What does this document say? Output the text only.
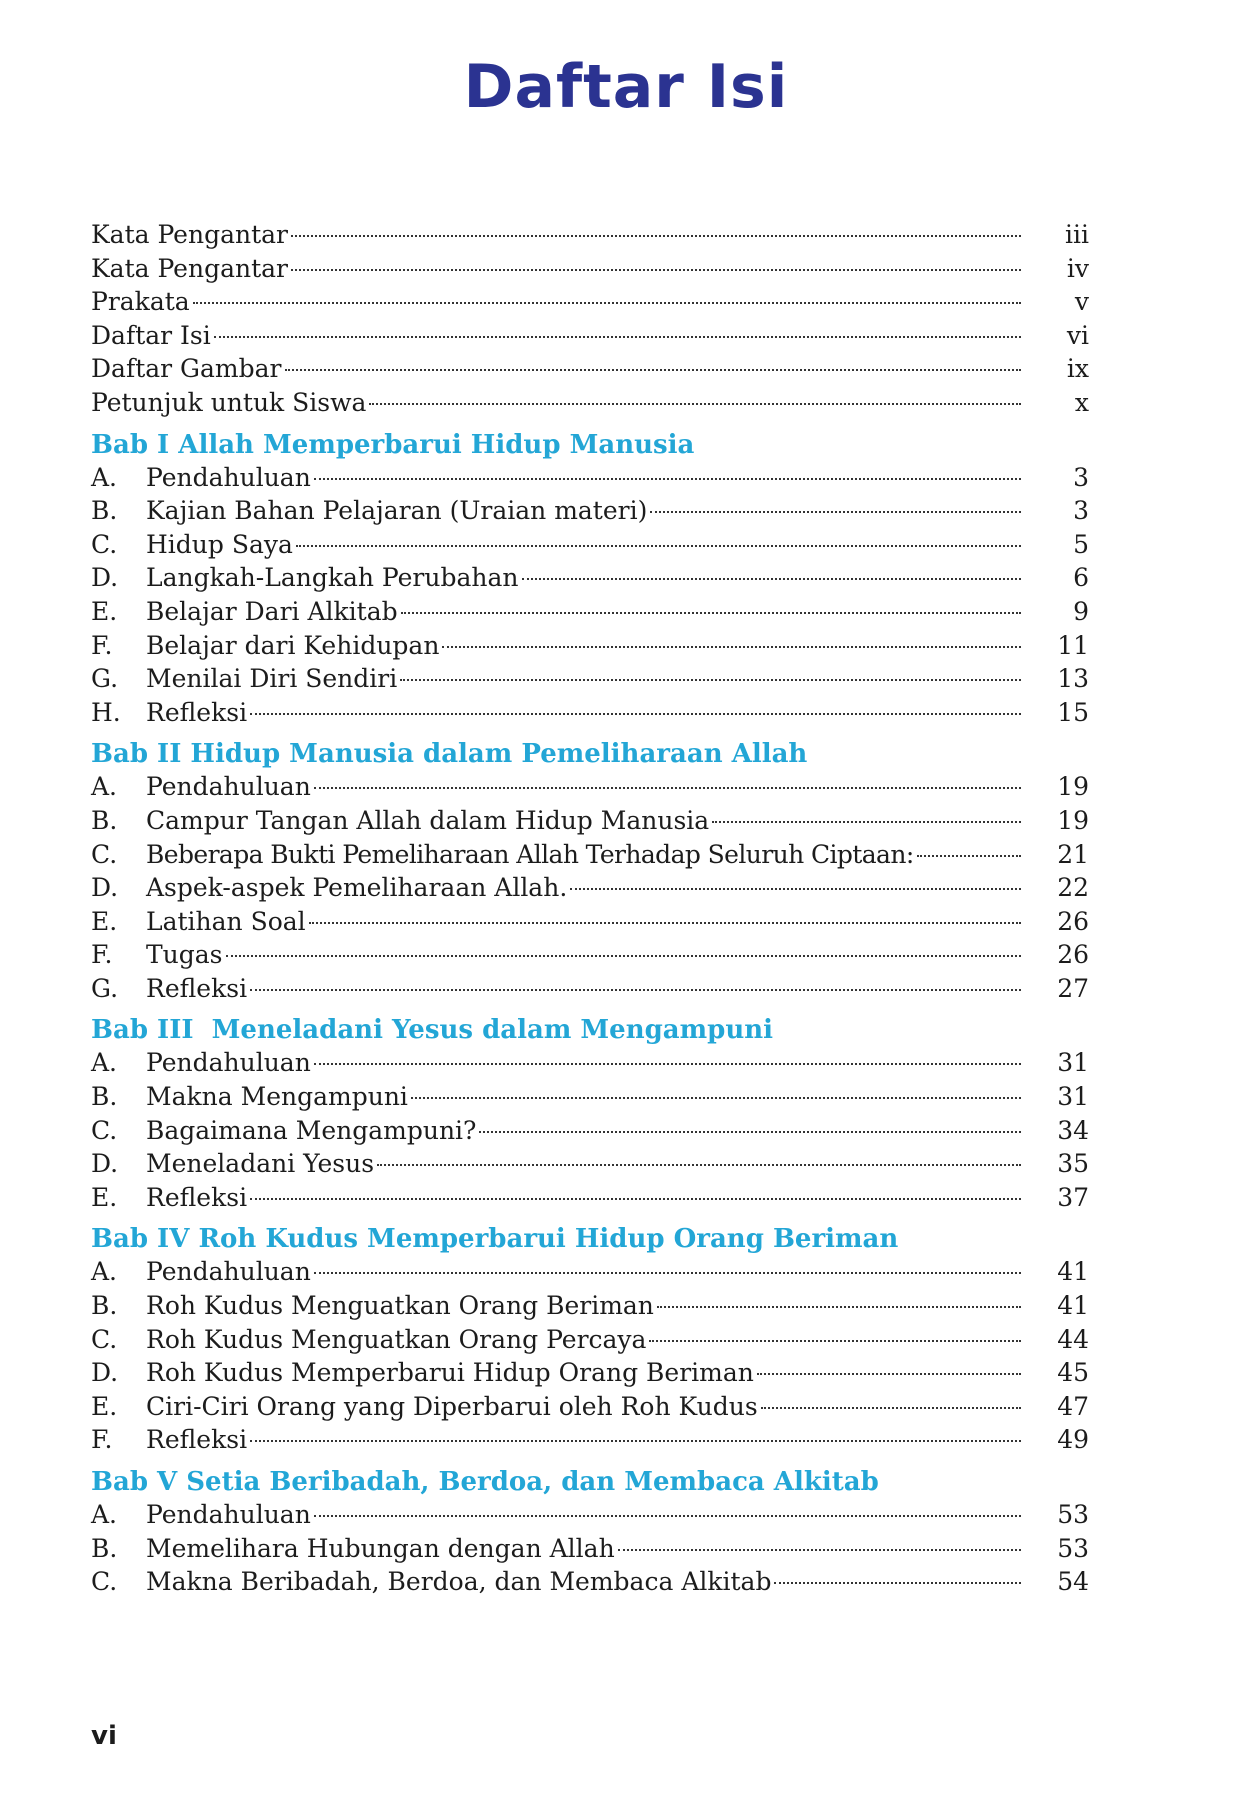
Daftar Isi
Kata Pengantar	iii
Kata Pengantar	iv
Prakata	v
Daftar Isi	vi
Daftar Gambar	ix
Petunjuk untuk Siswa	x
Bab I Allah Memperbarui Hidup Manusia
A.	Pendahuluan	3
B.	Kajian Bahan Pelajaran (Uraian materi)	3
C.	Hidup Saya	5
D.	Langkah-Langkah Perubahan	6
E.	Belajar Dari Alkitab	9
F.	Belajar dari Kehidupan	11
G.	Menilai Diri Sendiri	13
H.	Refleksi	15
Bab II Hidup Manusia dalam Pemeliharaan Allah
A.	Pendahuluan	19
B.	Campur Tangan Allah dalam Hidup Manusia	19
C.	Beberapa Bukti Pemeliharaan Allah Terhadap Seluruh Ciptaan:	21
D.	Aspek-aspek Pemeliharaan Allah.	22
E.	Latihan Soal	26
F.	Tugas	26
G.	Refleksi	27
Bab III  Meneladani Yesus dalam Mengampuni
A.	Pendahuluan	31
B.	Makna Mengampuni	31
C.	Bagaimana Mengampuni?	34
D.	Meneladani Yesus	35
E.	Refleksi	37
Bab IV Roh Kudus Memperbarui Hidup Orang Beriman
A.	Pendahuluan	41
B.	Roh Kudus Menguatkan Orang Beriman	41
C.	Roh Kudus Menguatkan Orang Percaya	44
D.	Roh Kudus Memperbarui Hidup Orang Beriman	45
E.	Ciri-Ciri Orang yang Diperbarui oleh Roh Kudus	47
F.	Refleksi	49
Bab V Setia Beribadah, Berdoa, dan Membaca Alkitab
A.	Pendahuluan	53
B.	Memelihara Hubungan dengan Allah	53
C.	Makna Beribadah, Berdoa, dan Membaca Alkitab	54
vi
